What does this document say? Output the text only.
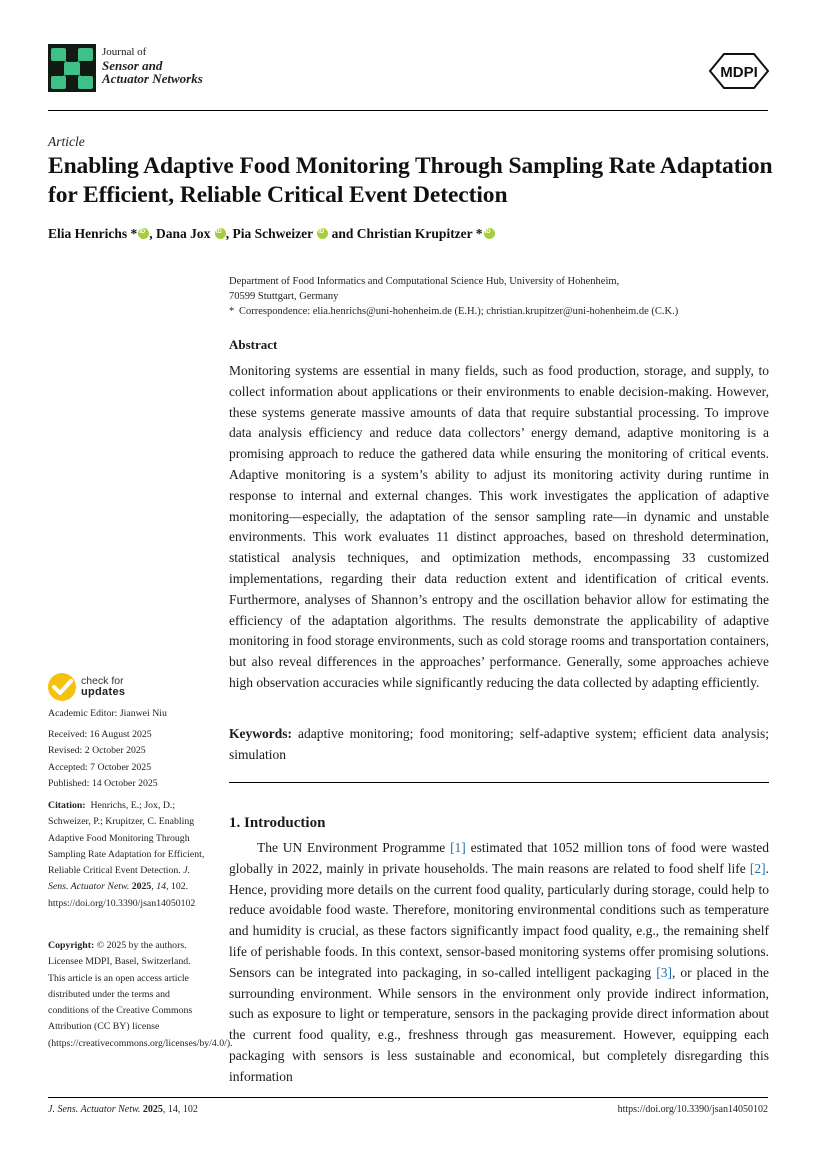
Journal of
Sensor and
Actuator Networks	MDPI
Article
Enabling Adaptive Food Monitoring Through Sampling Rate Adaptation for Efficient, Reliable Critical Event Detection
Elia Henrichs * iD , Dana Jox iD , Pia Schweizer iD and Christian Krupitzer *iD
Department of Food Informatics and Computational Science Hub, University of Hohenheim,
70599 Stuttgart, Germany
* Correspondence: elia.henrichs@uni-hohenheim.de (E.H.); christian.krupitzer@uni-hohenheim.de (C.K.)
check for
updates
Academic Editor: Jianwei Niu
Received: 16 August 2025
Revised: 2 October 2025
Accepted: 7 October 2025
Published: 14 October 2025
Citation: Henrichs, E.; Jox, D.; Schweizer, P.; Krupitzer, C. Enabling Adaptive Food Monitoring Through Sampling Rate Adaptation for Efficient, Reliable Critical Event Detection. J. Sens. Actuator Netw. 2025, 14, 102. https://doi.org/10.3390/jsan14050102
Copyright: © 2025 by the authors. Licensee MDPI, Basel, Switzerland. This article is an open access article distributed under the terms and conditions of the Creative Commons Attribution (CC BY) license (https://creativecommons.org/licenses/by/4.0/).
Abstract

Monitoring systems are essential in many fields, such as food production, storage, and supply, to collect information about applications or their environments to enable decision-making. However, these systems generate massive amounts of data that require substantial processing. To improve data analysis efficiency and reduce data collectors’ energy demand, adaptive monitoring is a promising approach to reduce the gathered data while ensuring the monitoring of critical events. Adaptive monitoring is a system’s ability to adjust its monitoring activity during runtime in response to internal and external changes. This work investigates the application of adaptive monitoring—especially, the adaptation of the sensor sampling rate—in dynamic and unstable environments. This work evaluates 11 distinct approaches, based on threshold determination, statistical analysis techniques, and optimization methods, encompassing 33 customized implementations, regarding their data reduction extent and identification of critical events. Furthermore, analyses of Shannon’s entropy and the oscillation behavior allow for estimating the efficiency of the adaptation algorithms. The results demonstrate the applicability of adaptive monitoring in food storage environments, such as cold storage rooms and transportation containers, but also reveal differences in the approaches’ performance. Generally, some approaches achieve high observation accuracies while significantly reducing the data collected by adapting efficiently.

Keywords: adaptive monitoring; food monitoring; self-adaptive system; efficient data analysis; simulation

1. Introduction

The UN Environment Programme [1] estimated that 1052 million tons of food were wasted globally in 2022, mainly in private households. The main reasons are related to food shelf life [2]. Hence, providing more details on the current food quality, particularly during storage, could help to reduce avoidable food waste. Therefore, monitoring environmental conditions such as temperature and humidity is crucial, as these factors significantly impact food quality, e.g., the remaining shelf life of perishable foods. In this context, sensor-based monitoring systems offer promising solutions. Sensors can be integrated into packaging, in so-called intelligent packaging [3], or placed in the surrounding environment. While sensors in the environment only provide indirect information, such as exposure to light or temperature, sensors in the packaging provide direct information about the current food quality, e.g., freshness through gas measurement. However, equipping each packaging with sensors is less sustainable and economical, but completely disregarding this information

J. Sens. Actuator Netw. 2025, 14, 102	https://doi.org/10.3390/jsan14050102
